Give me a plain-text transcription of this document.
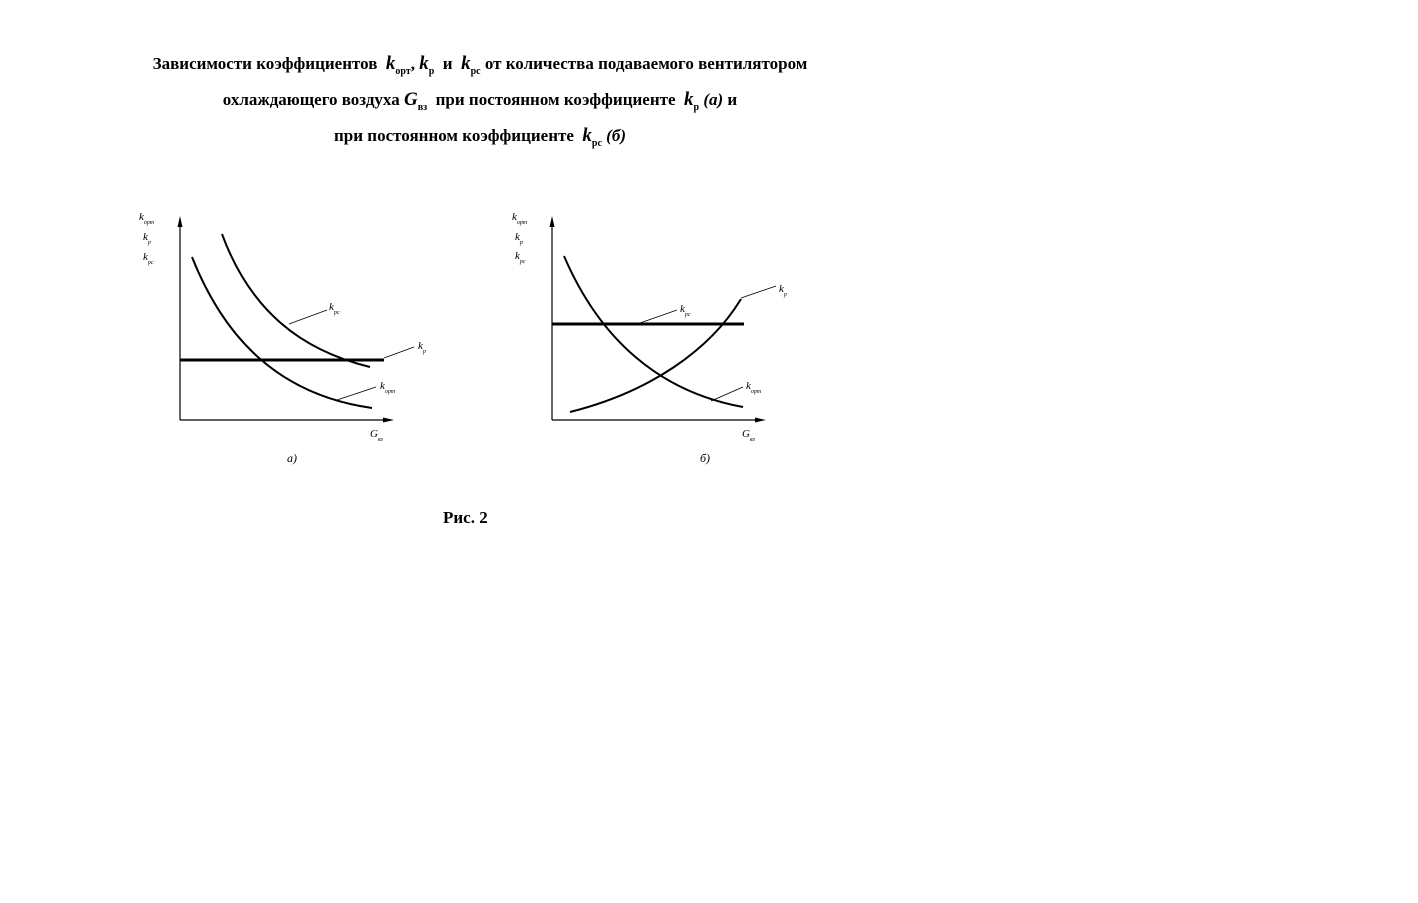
Зависимости коэффициентов $k_{орт}$, $k_р$ и $k_{рс}$ от количества подаваемого вентилятором
охлаждающего воздуха $G_{вз}$ при постоянном коэффициенте $k_р$ (а) и
при постоянном коэффициенте $k_{рс}$ (б)
$k_{орт}$
$k_р$
$k_{рс}$
$G_{вз}$
$k_{рс}$
$k_р$
$k_{орт}$
а)
$k_{орт}$
$k_р$
$k_{рс}$
$G_{вз}$
$k_р$
$k_{рс}$
$k_{орт}$
б)
Рис. 2
